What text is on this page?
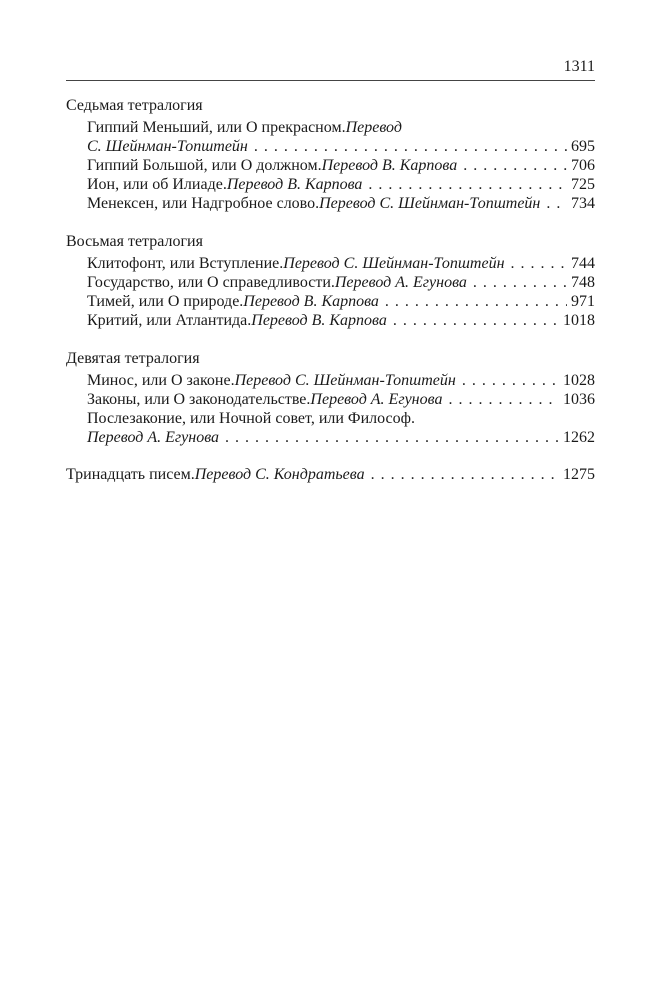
1311
Седьмая тетралогия
Гиппий Меньший, или О прекрасном. Перевод
С. Шейнман-Топштейн . . .	695
Гиппий Большой, или О должном. Перевод В. Карпова . . .	706
Ион, или об Илиаде. Перевод В. Карпова . . .	725
Менексен, или Надгробное слово. Перевод С. Шейнман-Топштейн . . . 734
Восьмая тетралогия
Клитофонт, или Вступление. Перевод С. Шейнман-Топштейн . . .	744
Государство, или О справедливости. Перевод А. Егунова . . .	748
Тимей, или О природе. Перевод В. Карпова . . .	971
Критий, или Атлантида. Перевод В. Карпова . . .	1018
Девятая тетралогия
Минос, или О законе. Перевод С. Шейнман-Топштейн . . .	1028
Законы, или О законодательстве. Перевод А. Егунова . . .	1036
Послезаконие, или Ночной совет, или Философ.
Перевод А. Егунова . . .	1262
Тринадцать писем. Перевод С. Кондратьева . . .	1275
